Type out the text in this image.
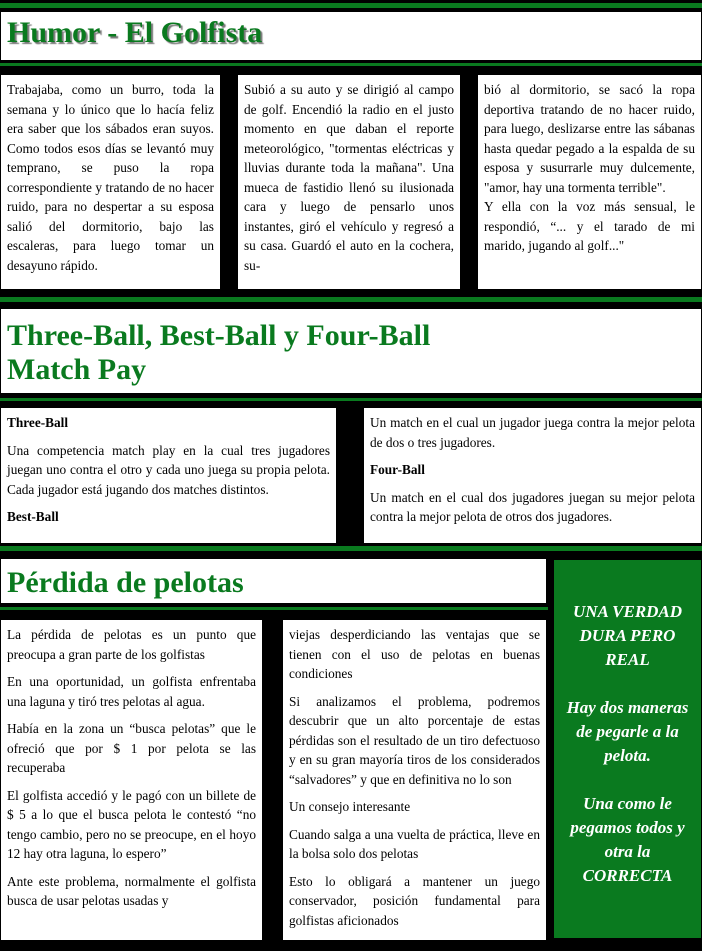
Humor - El Golfista

Trabajaba, como un burro, toda la semana y lo único que lo hacía feliz era saber que los sábados eran suyos. Como todos esos días se levantó muy temprano, se puso la ropa correspondiente y tratando de no hacer ruido, para no despertar a su esposa salió del dormitorio, bajo las escaleras, para luego tomar un desayuno rápido.

Subió a su auto y se dirigió al campo de golf. Encendió la radio en el justo momento en que daban el reporte meteorológico, "tormentas eléctricas y lluvias durante toda la mañana". Una mueca de fastidio llenó su ilusionada cara y luego de pensarlo unos instantes, giró el vehículo y regresó a su casa. Guardó el auto en la cochera, su-

bió al dormitorio, se sacó la ropa deportiva tratando de no hacer ruido, para luego, deslizarse entre las sábanas hasta quedar pegado a la espalda de su esposa y susurrarle muy dulcemente, "amor, hay una tormenta terrible".

Y ella con la voz más sensual, le respondió, “... y el tarado de mi marido, jugando al golf..."

Three-Ball, Best-Ball y Four-Ball
Match Pay

Three-Ball

Una competencia match play en la cual tres jugadores juegan uno contra el otro y cada uno juega su propia pelota. Cada jugador está jugando dos matches distintos.

Best-Ball

Un match en el cual un jugador juega contra la mejor pelota de dos o tres jugadores.

Four-Ball

Un match en el cual dos jugadores juegan su mejor pelota contra la mejor pelota de otros dos jugadores.

Pérdida de pelotas

La pérdida de pelotas es un punto que preocupa a gran parte de los golfistas

En una oportunidad, un golfista enfrentaba una laguna y tiró tres pelotas al agua.

Había en la zona un “busca pelotas” que le ofreció que por $ 1 por pelota se las recuperaba

El golfista accedió y le pagó con un billete de $ 5 a lo que el busca pelota le contestó “no tengo cambio, pero no se preocupe, en el hoyo 12 hay otra laguna, lo espero”

Ante este problema, normalmente el golfista busca de usar pelotas usadas y

viejas desperdiciando las ventajas que se tienen con el uso de pelotas en buenas condiciones

Si analizamos el problema, podremos descubrir que un alto porcentaje de estas pérdidas son el resultado de un tiro defectuoso y en su gran mayoría tiros de los considerados “salvadores” y que en definitiva no lo son

Un consejo interesante

Cuando salga a una vuelta de práctica, lleve en la bolsa solo dos pelotas

Esto lo obligará a mantener un juego conservador, posición fundamental para golfistas aficionados

UNA VERDAD DURA PERO REAL

Hay dos maneras de pegarle a la pelota.

Una como le pegamos todos y otra la CORRECTA
